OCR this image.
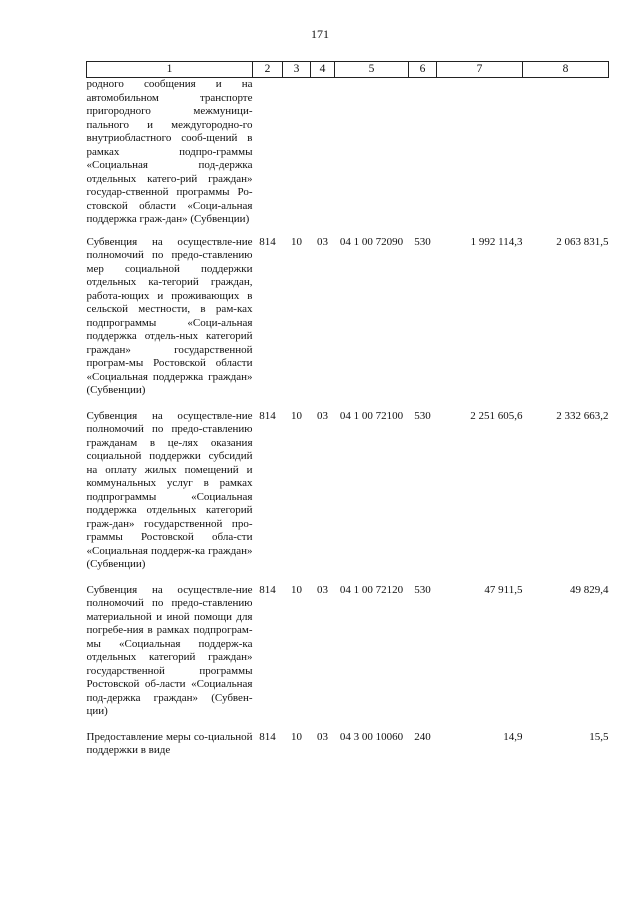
171
1	2	3	4	5	6	7	8
родного сообщения и на автомобильном транспорте пригородного межмуници-пального и междугородно-го внутриобластного сооб-щений в рамках подпро-граммы «Социальная под-держка отдельных катего-рий граждан» государ-ственной программы Ро-стовской области «Соци-альная поддержка граж-дан» (Субвенции)							
Субвенция на осуществле-ние полномочий по предо-ставлению мер социальной поддержки отдельных ка-тегорий граждан, работа-ющих и проживающих в сельской местности, в рам-ках подпрограммы «Соци-альная поддержка отдель-ных категорий граждан» государственной програм-мы Ростовской области «Социальная поддержка граждан» (Субвенции)	814	10	03	04 1 00 72090	530	1 992 114,3	2 063 831,5
Субвенция на осуществле-ние полномочий по предо-ставлению гражданам в це-лях оказания социальной поддержки субсидий на оплату жилых помещений и коммунальных услуг в рамках подпрограммы «Социальная поддержка отдельных категорий граж-дан» государственной про-граммы Ростовской обла-сти «Социальная поддерж-ка граждан» (Субвенции)	814	10	03	04 1 00 72100	530	2 251 605,6	2 332 663,2
Субвенция на осуществле-ние полномочий по предо-ставлению материальной и иной помощи для погребе-ния в рамках подпрограм-мы «Социальная поддерж-ка отдельных категорий граждан» государственной программы Ростовской об-ласти «Социальная под-держка граждан» (Субвен-ции)	814	10	03	04 1 00 72120	530	47 911,5	49 829,4
Предоставление меры со-циальной поддержки в виде	814	10	03	04 3 00 10060	240	14,9	15,5
